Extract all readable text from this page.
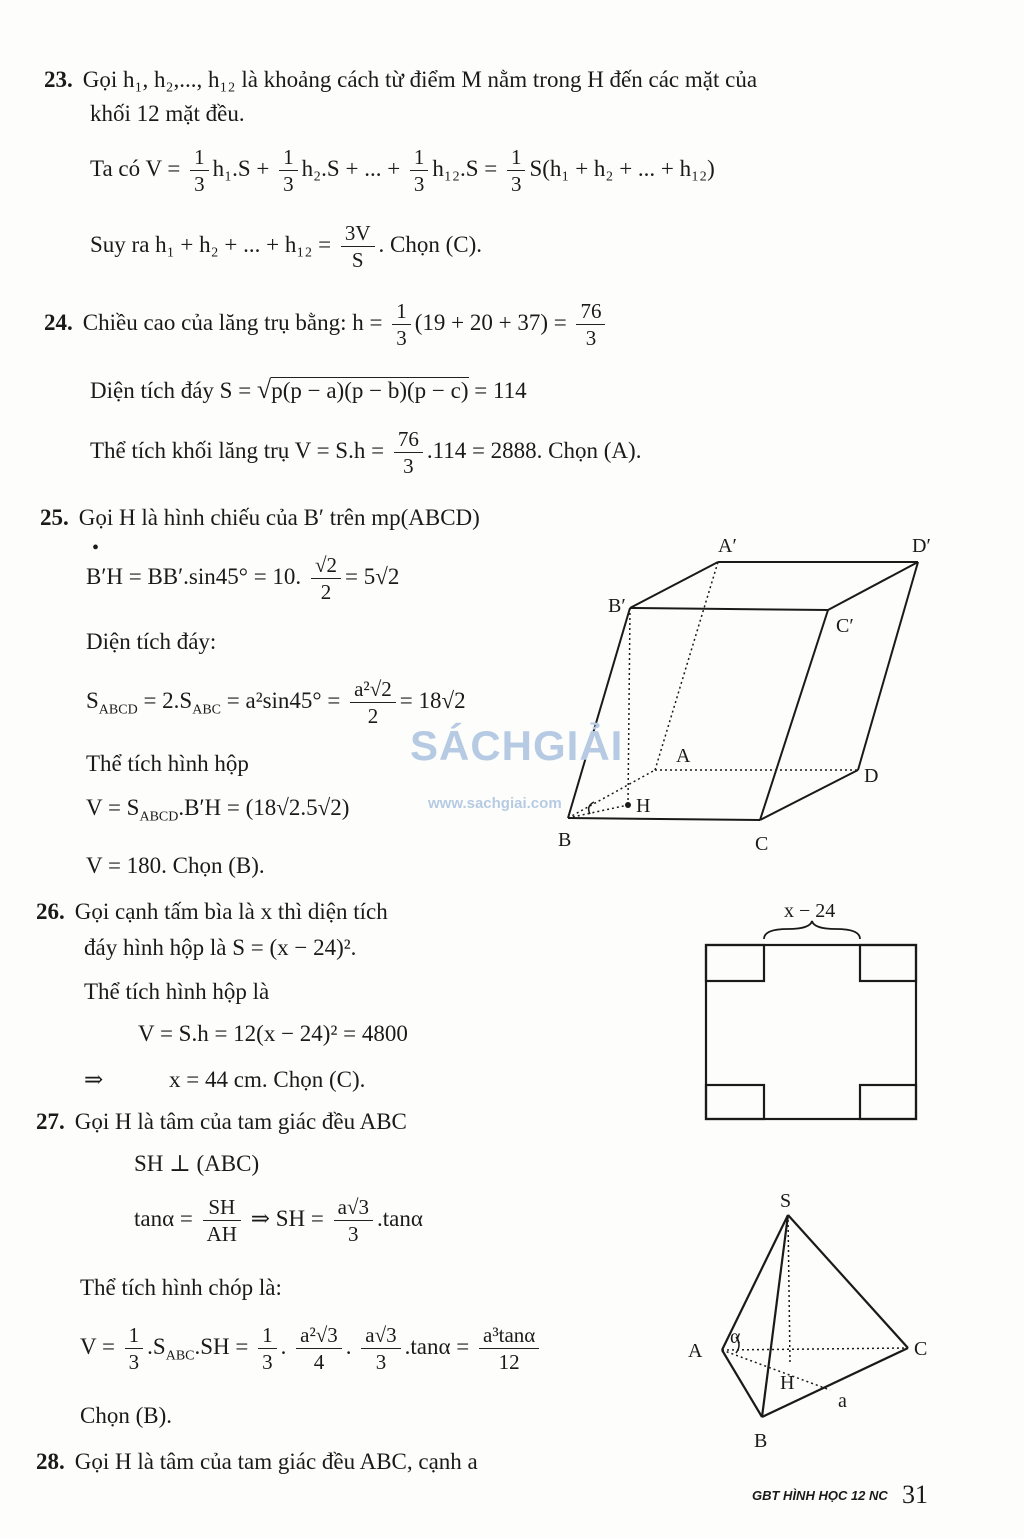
23. Gọi h₁, h₂,..., h₁₂ là khoảng cách từ điểm M nằm trong H đến các mặt của
khối 12 mặt đều.
Ta có $V = \frac{1}{3} h_1.S + \frac{1}{3} h_2.S$ + ... + $\frac{1}{3} h_{12}.S = \frac{1}{3} S(h_1 + h_2$ + ... + h₁₂)
Suy ra h₁ + h₂ + ... + $h_{12} = \frac{3V}{S}$ . Chọn (C).
24. Chiều cao của lăng trụ bằng: $h = \frac{1}{3} (19 + 20 + 37) = \frac{76}{3}$
Diện tích đáy S = √p(p − a)(p − b)(p − c) = 114
Thể tích khối lăng trụ $V = S.h = \frac{76}{3} .114 = 2888$. Chọn (A).
25. Gọi H là hình chiếu của B′ trên mp(ABCD)
•
B′H = BB′.sin45° = 10. $\frac{√2}{2} = 5√2$
Diện tích đáy:
$S_{ABCD} = 2.S_{ABC} = a^2\sin 45^\circ = \frac{\text{a²√2}}{2} = 18√2$
Thể tích hình hộp
$V = S_{ABCD}.B'H = (18√2.5√2)$
V = 180. Chọn (B).
A′	D′
B′
C′
A
D
H
B	C
SÁCHGIẢI
www.sachgiai.com
26. Gọi cạnh tấm bìa là x thì diện tích
đáy hình hộp là S = (x − 24)².
Thể tích hình hộp là
V = S.h = 12(x − 24)² = 4800
⇒	x = 44 cm. Chọn (C).
x − 24
27. Gọi H là tâm của tam giác đều ABC
SH ⊥ (ABC)
$\tan\alpha = \frac{SH}{AH}$ ⇒ SH = $\frac{a√3}{3} .\tan\alpha$
Thể tích hình chóp là:
$V = \frac{1}{3} .S_{ABC}.SH = \frac{1}{3}$ . $\frac{\text{a²√3}}{4}$ . $\frac{a√3}{3} .\tan\alpha = \frac{\text{a³tanα}}{12}$
Chọn (B).
S
A	C
H
B
a
α
28. Gọi H là tâm của tam giác đều ABC, cạnh a
GBT HÌNH HỌC 12 NC 31
